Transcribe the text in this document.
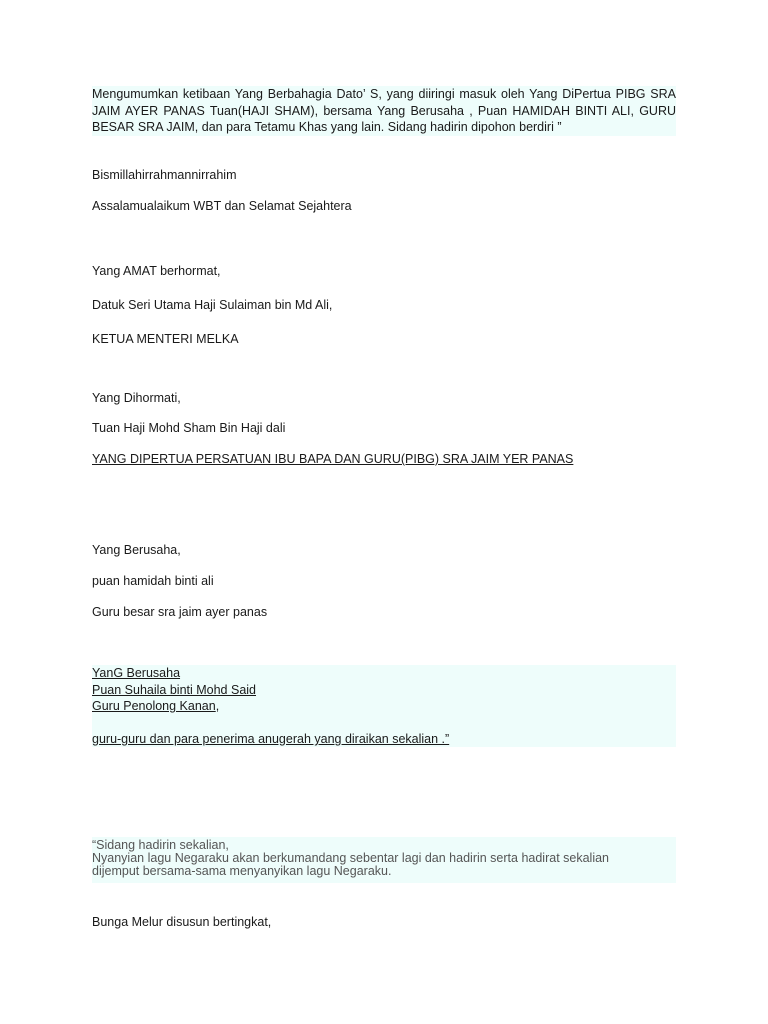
Mengumumkan ketibaan Yang Berbahagia Dato’ S, yang diiringi masuk oleh Yang DiPertua PIBG SRA JAIM AYER PANAS Tuan(HAJI SHAM), bersama Yang Berusaha , Puan HAMIDAH BINTI ALI, GURU BESAR SRA JAIM, dan para Tetamu Khas yang lain. Sidang hadirin dipohon berdiri ”
Bismillahirrahmannirrahim
Assalamualaikum WBT dan Selamat Sejahtera
Yang AMAT berhormat,
Datuk Seri Utama Haji Sulaiman bin Md Ali,
KETUA MENTERI MELKA
Yang Dihormati,
Tuan Haji Mohd Sham Bin Haji dali
YANG DIPERTUA PERSATUAN IBU BAPA DAN GURU(PIBG) SRA JAIM YER PANAS
Yang Berusaha,
puan hamidah binti ali
Guru besar sra jaim ayer panas
YanG Berusaha
Puan Suhaila binti Mohd Said
Guru Penolong Kanan,
guru-guru dan para penerima anugerah yang diraikan sekalian .”
“Sidang hadirin sekalian,
Nyanyian lagu Negaraku akan berkumandang sebentar lagi dan hadirin serta hadirat sekalian
dijemput bersama-sama menyanyikan lagu Negaraku.
Bunga Melur disusun bertingkat,
